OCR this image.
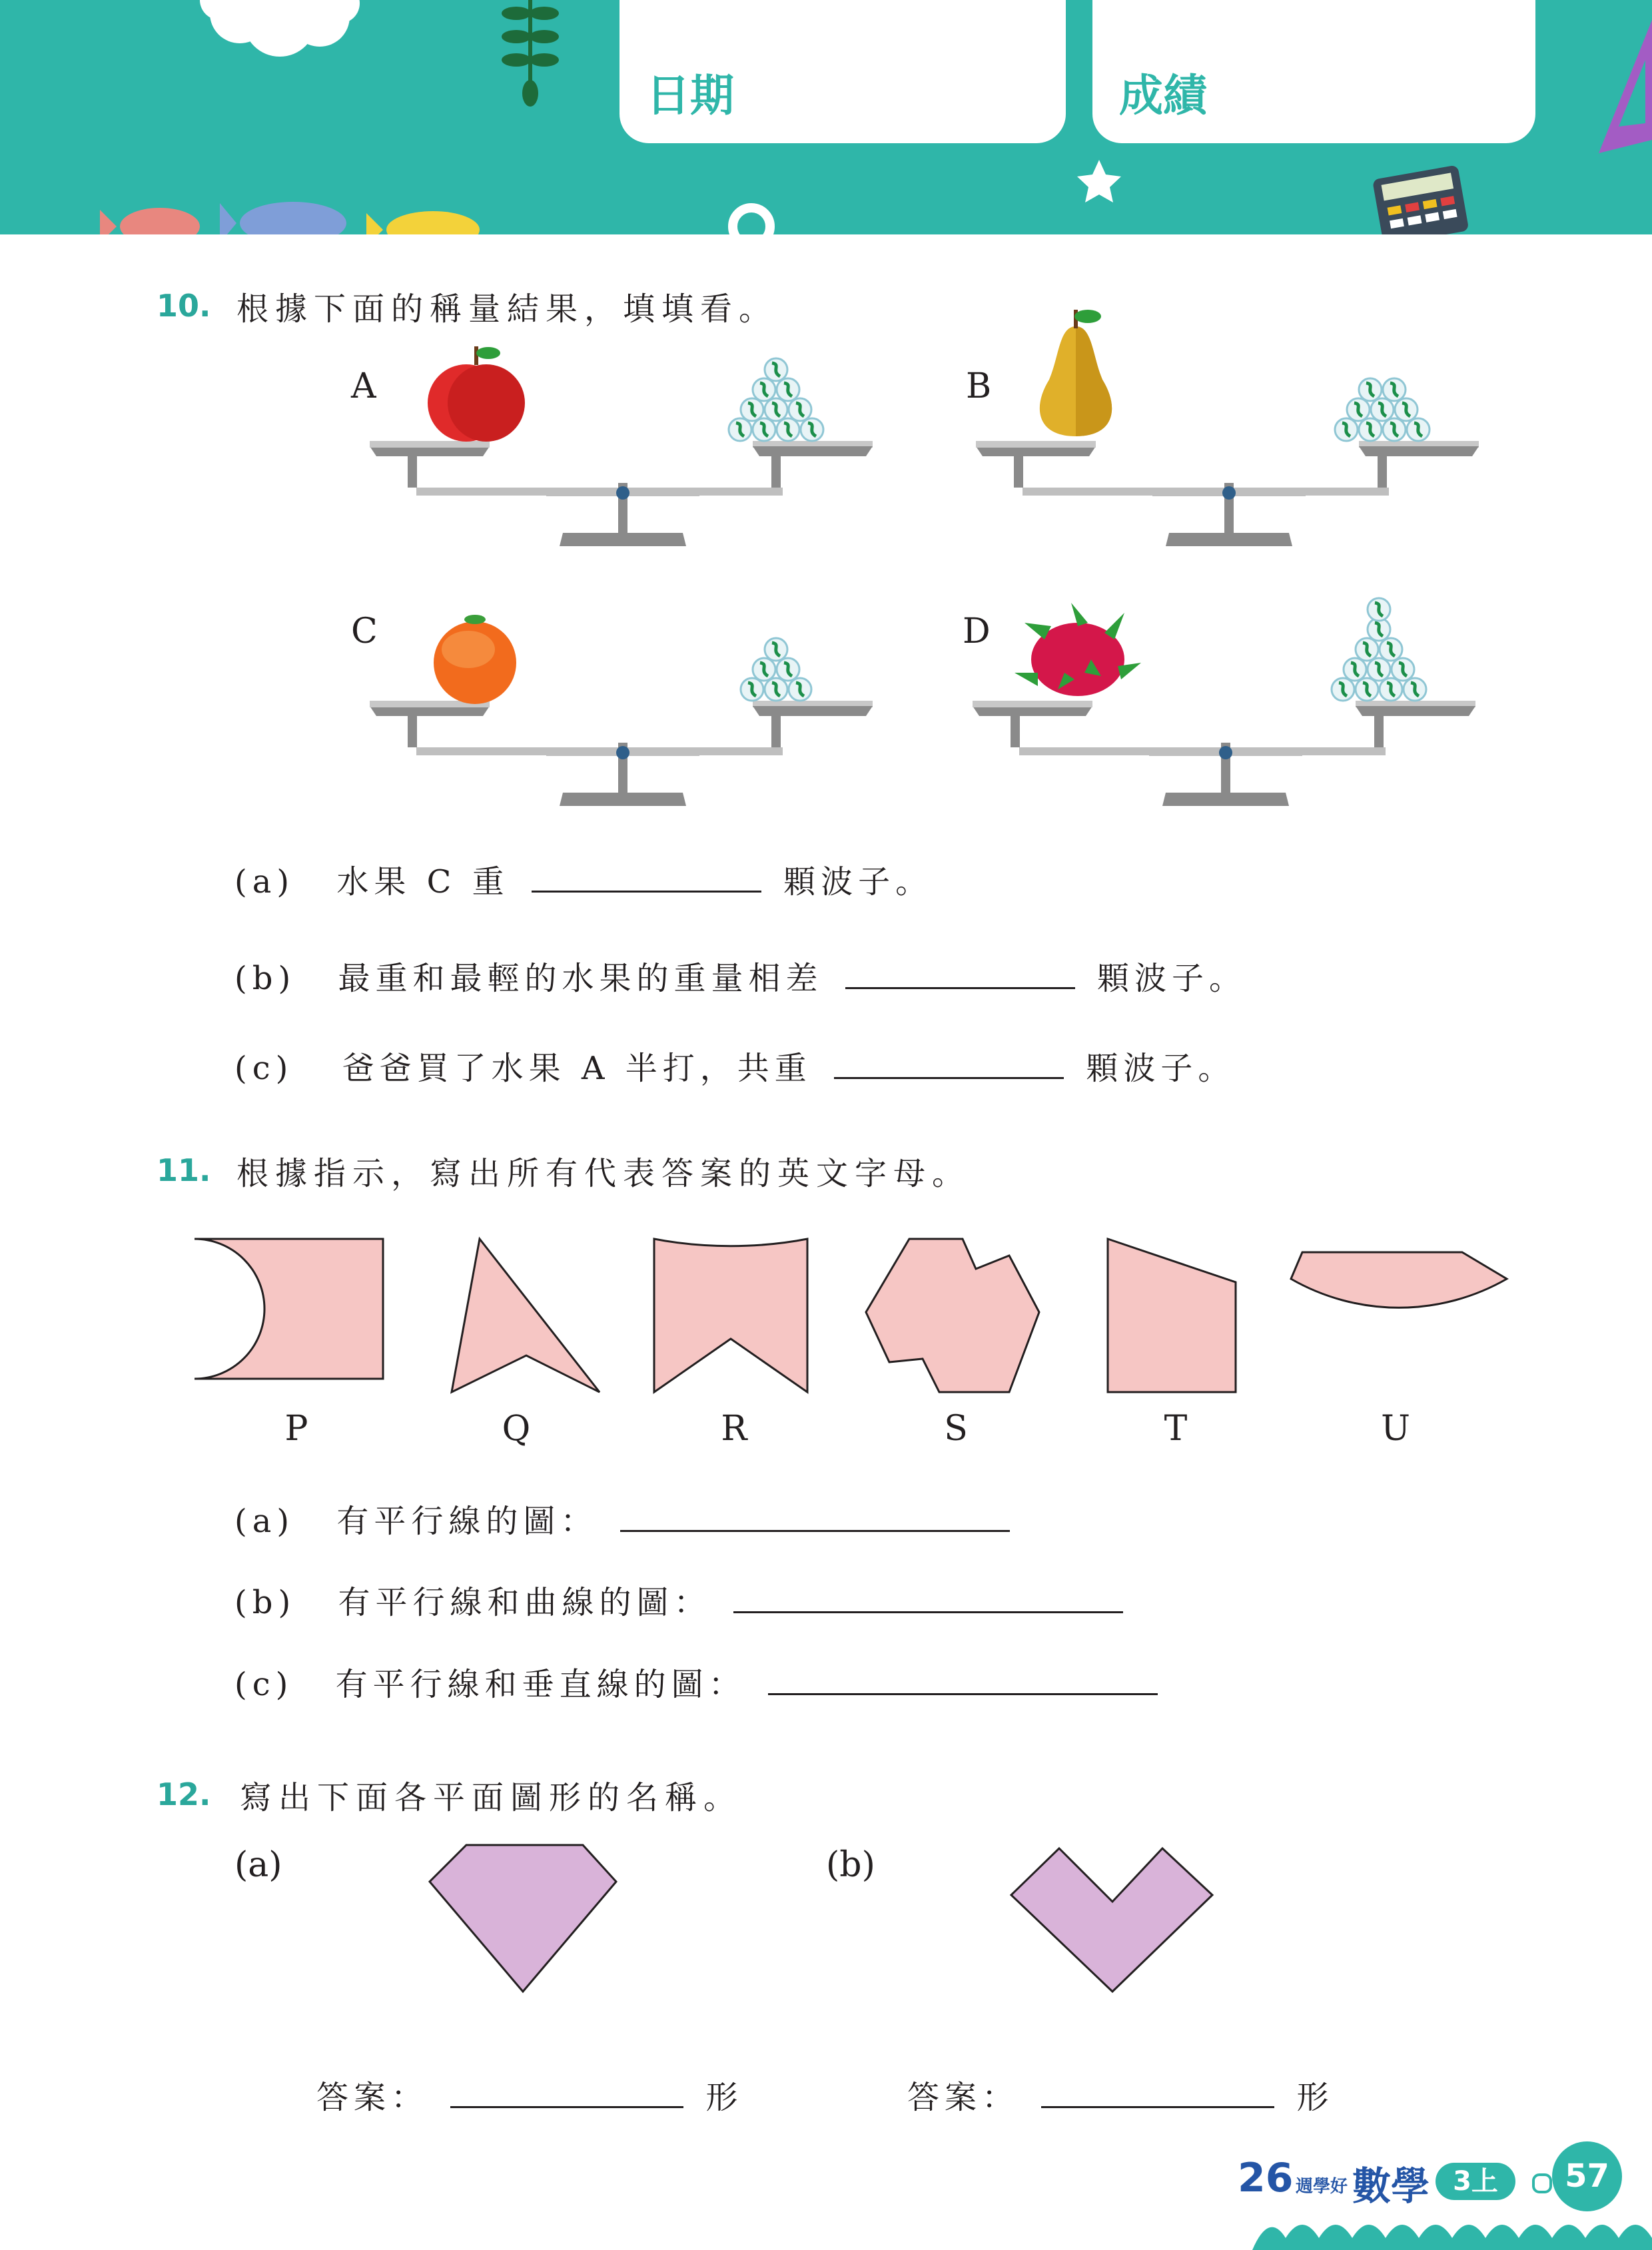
日期	成績
10. 根據下面的稱量結果，填填看。
A	B
C	D
(a) 水果 C 重	顆波子。
(b) 最重和最輕的水果的重量相差	顆波子。
(c) 爸爸買了水果 A 半打，共重	顆波子。
11. 根據指示，寫出所有代表答案的英文字母。
P	Q	R	S	T	U
(a) 有平行線的圖：
(b) 有平行線和曲線的圖：
(c) 有平行線和垂直線的圖：
12. 寫出下面各平面圖形的名稱。
(a)	(b)
答案：	形	答案：	形
26 週學好 數學 3上	57
